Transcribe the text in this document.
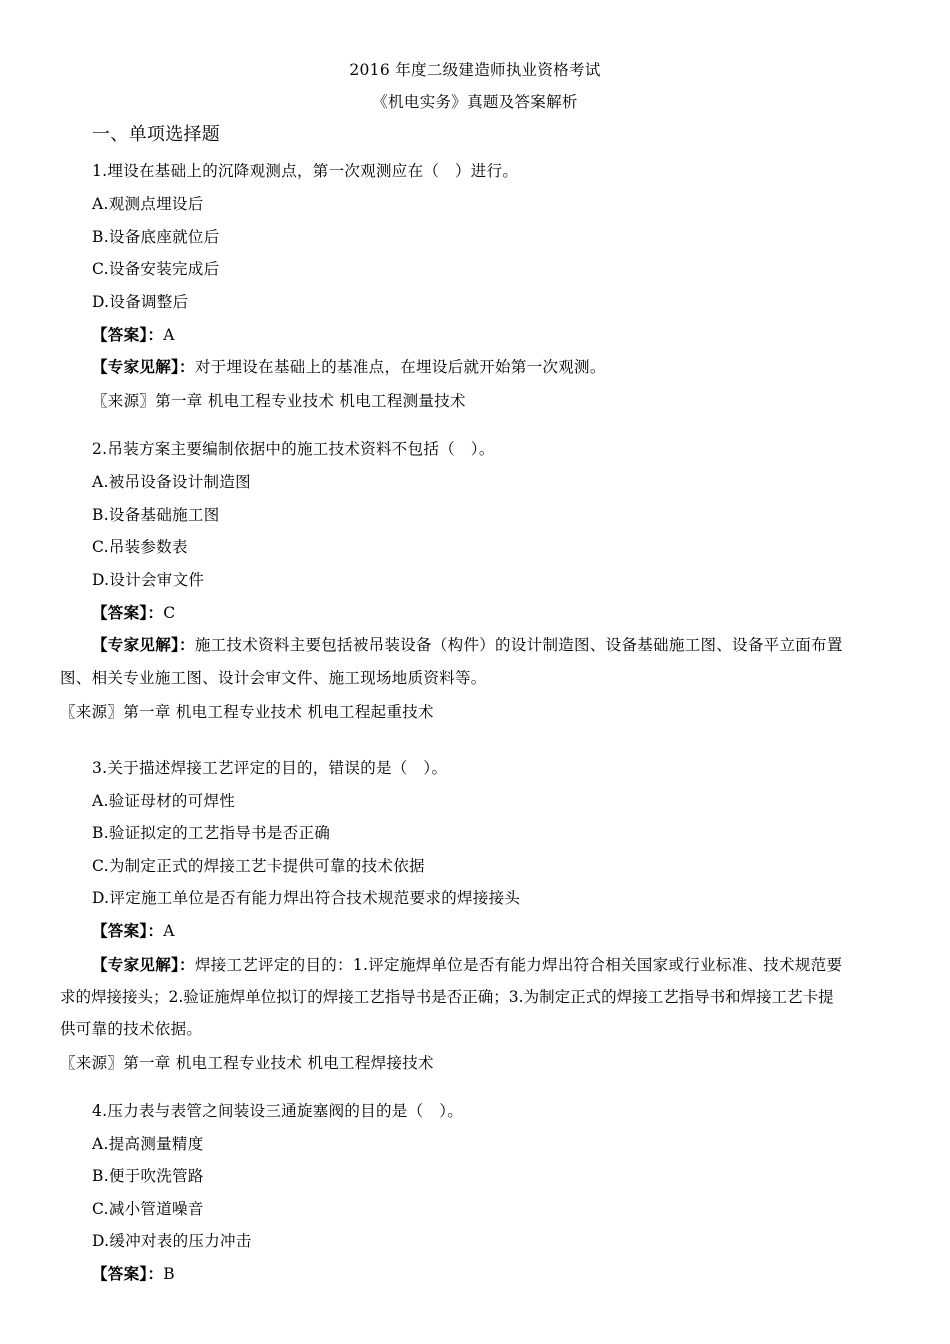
2016 年度二级建造师执业资格考试
《机电实务》真题及答案解析
一、单项选择题
1.埋设在基础上的沉降观测点，第一次观测应在（　）进行。
A.观测点埋设后
B.设备底座就位后
C.设备安装完成后
D.设备调整后
【答案】：A
【专家见解】：对于埋设在基础上的基准点，在埋设后就开始第一次观测。
〖来源〗第一章 机电工程专业技术 机电工程测量技术
2.吊装方案主要编制依据中的施工技术资料不包括（　）。
A.被吊设备设计制造图
B.设备基础施工图
C.吊装参数表
D.设计会审文件
【答案】：C
【专家见解】：施工技术资料主要包括被吊装设备（构件）的设计制造图、设备基础施工图、设备平立面布置
图、相关专业施工图、设计会审文件、施工现场地质资料等。
〖来源〗第一章 机电工程专业技术 机电工程起重技术
3.关于描述焊接工艺评定的目的，错误的是（　）。
A.验证母材的可焊性
B.验证拟定的工艺指导书是否正确
C.为制定正式的焊接工艺卡提供可靠的技术依据
D.评定施工单位是否有能力焊出符合技术规范要求的焊接接头
【答案】：A
【专家见解】：焊接工艺评定的目的：1.评定施焊单位是否有能力焊出符合相关国家或行业标准、技术规范要
求的焊接接头；2.验证施焊单位拟订的焊接工艺指导书是否正确；3.为制定正式的焊接工艺指导书和焊接工艺卡提
供可靠的技术依据。
〖来源〗第一章 机电工程专业技术 机电工程焊接技术
4.压力表与表管之间装设三通旋塞阀的目的是（　）。
A.提高测量精度
B.便于吹洗管路
C.减小管道噪音
D.缓冲对表的压力冲击
【答案】：B
